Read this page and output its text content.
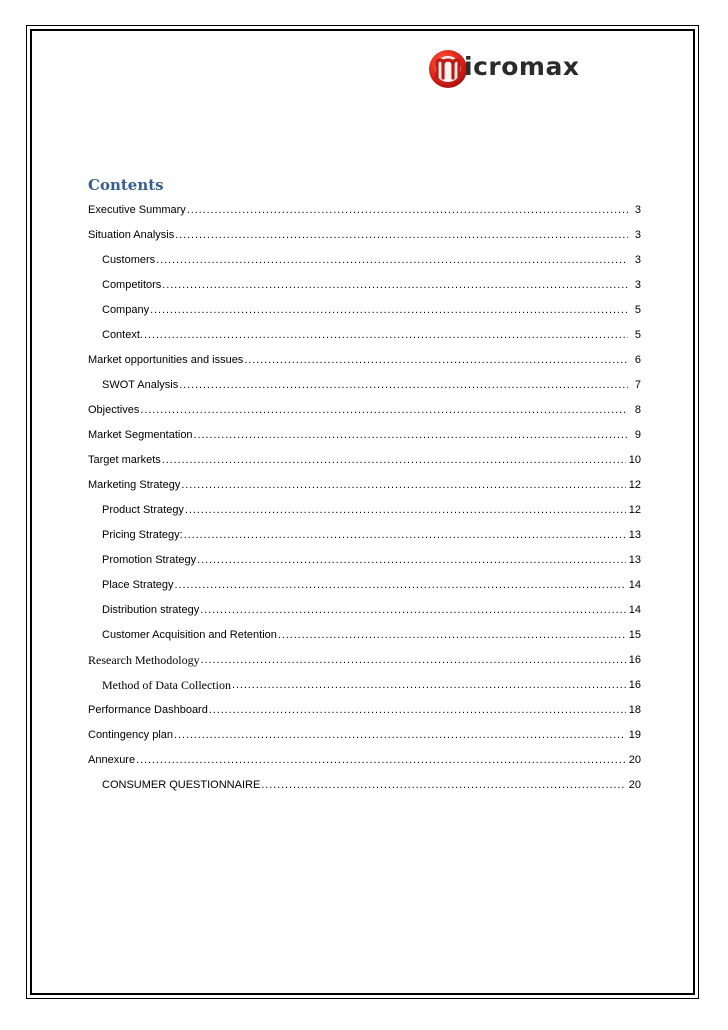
icromax
Contents
Executive Summary .....	3
Situation Analysis .....	3
Customers .....	3
Competitors .....	3
Company .....	5
Context. .....	5
Market opportunities and issues .....	6
SWOT Analysis .....	7
Objectives .....	8
Market Segmentation .....	9
Target markets .....	10
Marketing Strategy .....	12
Product Strategy .....	12
Pricing Strategy: .....	13
Promotion Strategy .....	13
Place Strategy .....	14
Distribution strategy .....	14
Customer Acquisition and Retention .....	15
Research Methodology .....	16
Method of Data Collection .....	16
Performance Dashboard .....	18
Contingency plan .....	19
Annexure .....	20
CONSUMER QUESTIONNAIRE .....	20
